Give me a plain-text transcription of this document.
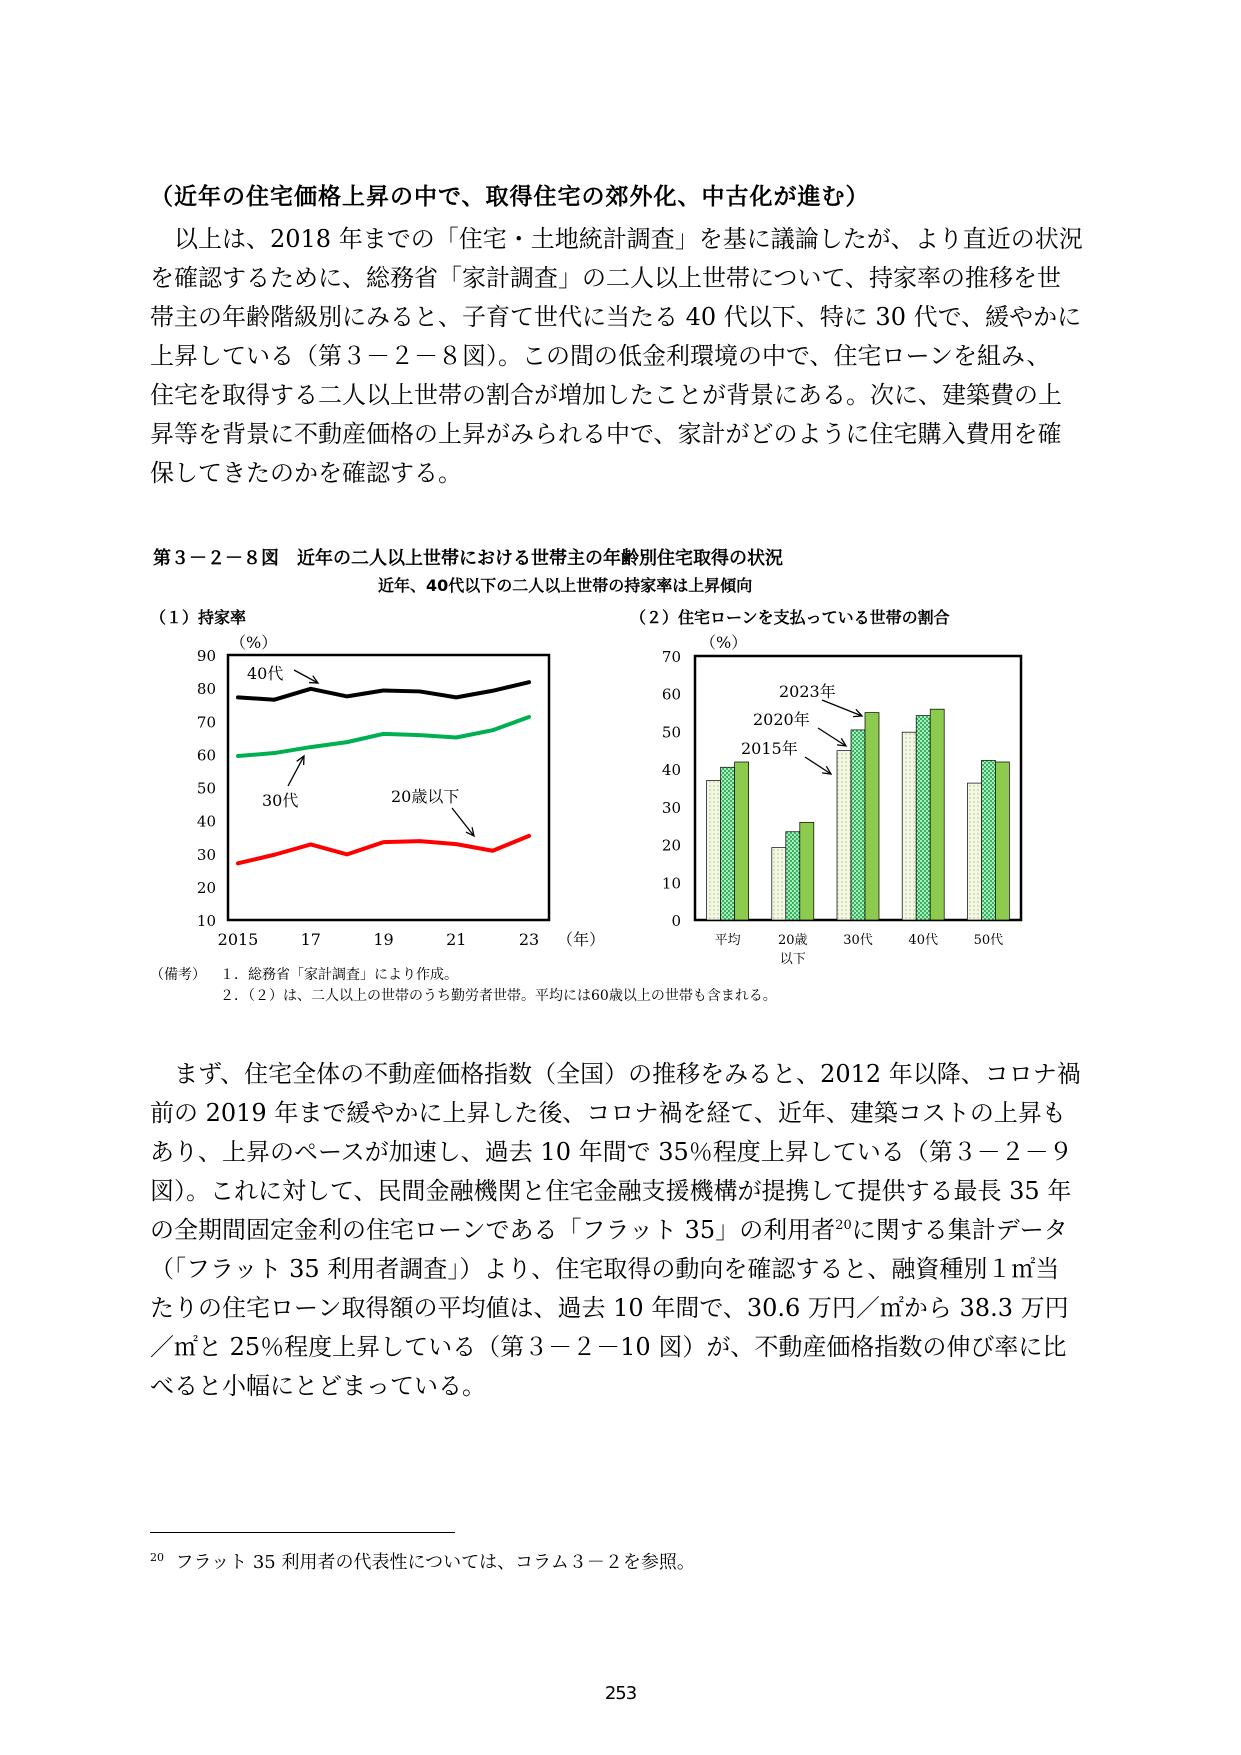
（近年の住宅価格上昇の中で、取得住宅の郊外化、中古化が進む）

　以上は、2018 年までの「住宅・土地統計調査」を基に議論したが、より直近の状況

を確認するために、総務省「家計調査」の二人以上世帯について、持家率の推移を世

帯主の年齢階級別にみると、子育て世代に当たる 40 代以下、特に 30 代で、緩やかに

上昇している（第３－２－８図）。この間の低金利環境の中で、住宅ローンを組み、

住宅を取得する二人以上世帯の割合が増加したことが背景にある。次に、建築費の上

昇等を背景に不動産価格の上昇がみられる中で、家計がどのように住宅購入費用を確

保してきたのかを確認する。

第３－２－８図　近年の二人以上世帯における世帯主の年齢別住宅取得の状況
近年、40代以下の二人以上世帯の持家率は上昇傾向
（１）持家率	（２）住宅ローンを支払っている世帯の割合
10
20
30
40
50
60
70
80
90
（%）
2015	17	19	21	23 （年）
40代
30代	20歳以下
0
10
20
30
40
50
60
70
（%）
平均	20歳
以下
30代	40代	50代
2023年
2020年
2015年
（備考）	１．総務省「家計調査」により作成。
２．（２）は、二人以上の世帯のうち勤労者世帯。平均には60歳以上の世帯も含まれる。

　まず、住宅全体の不動産価格指数（全国）の推移をみると、2012 年以降、コロナ禍

前の 2019 年まで緩やかに上昇した後、コロナ禍を経て、近年、建築コストの上昇も

あり、上昇のペースが加速し、過去 10 年間で 35％程度上昇している（第３－２－９

図）。これに対して、民間金融機関と住宅金融支援機構が提携して提供する最長 35 年

の全期間固定金利の住宅ローンである「フラット 35」の利用者$^{20}$に関する集計データ

（「フラット 35 利用者調査」）より、住宅取得の動向を確認すると、融資種別１㎡当

たりの住宅ローン取得額の平均値は、過去 10 年間で、30.6 万円／㎡から 38.3 万円

／㎡と 25％程度上昇している（第３－２－10 図）が、不動産価格指数の伸び率に比

べると小幅にとどまっている。

$^{20}$ フラット 35 利用者の代表性については、コラム３－２を参照。
253
